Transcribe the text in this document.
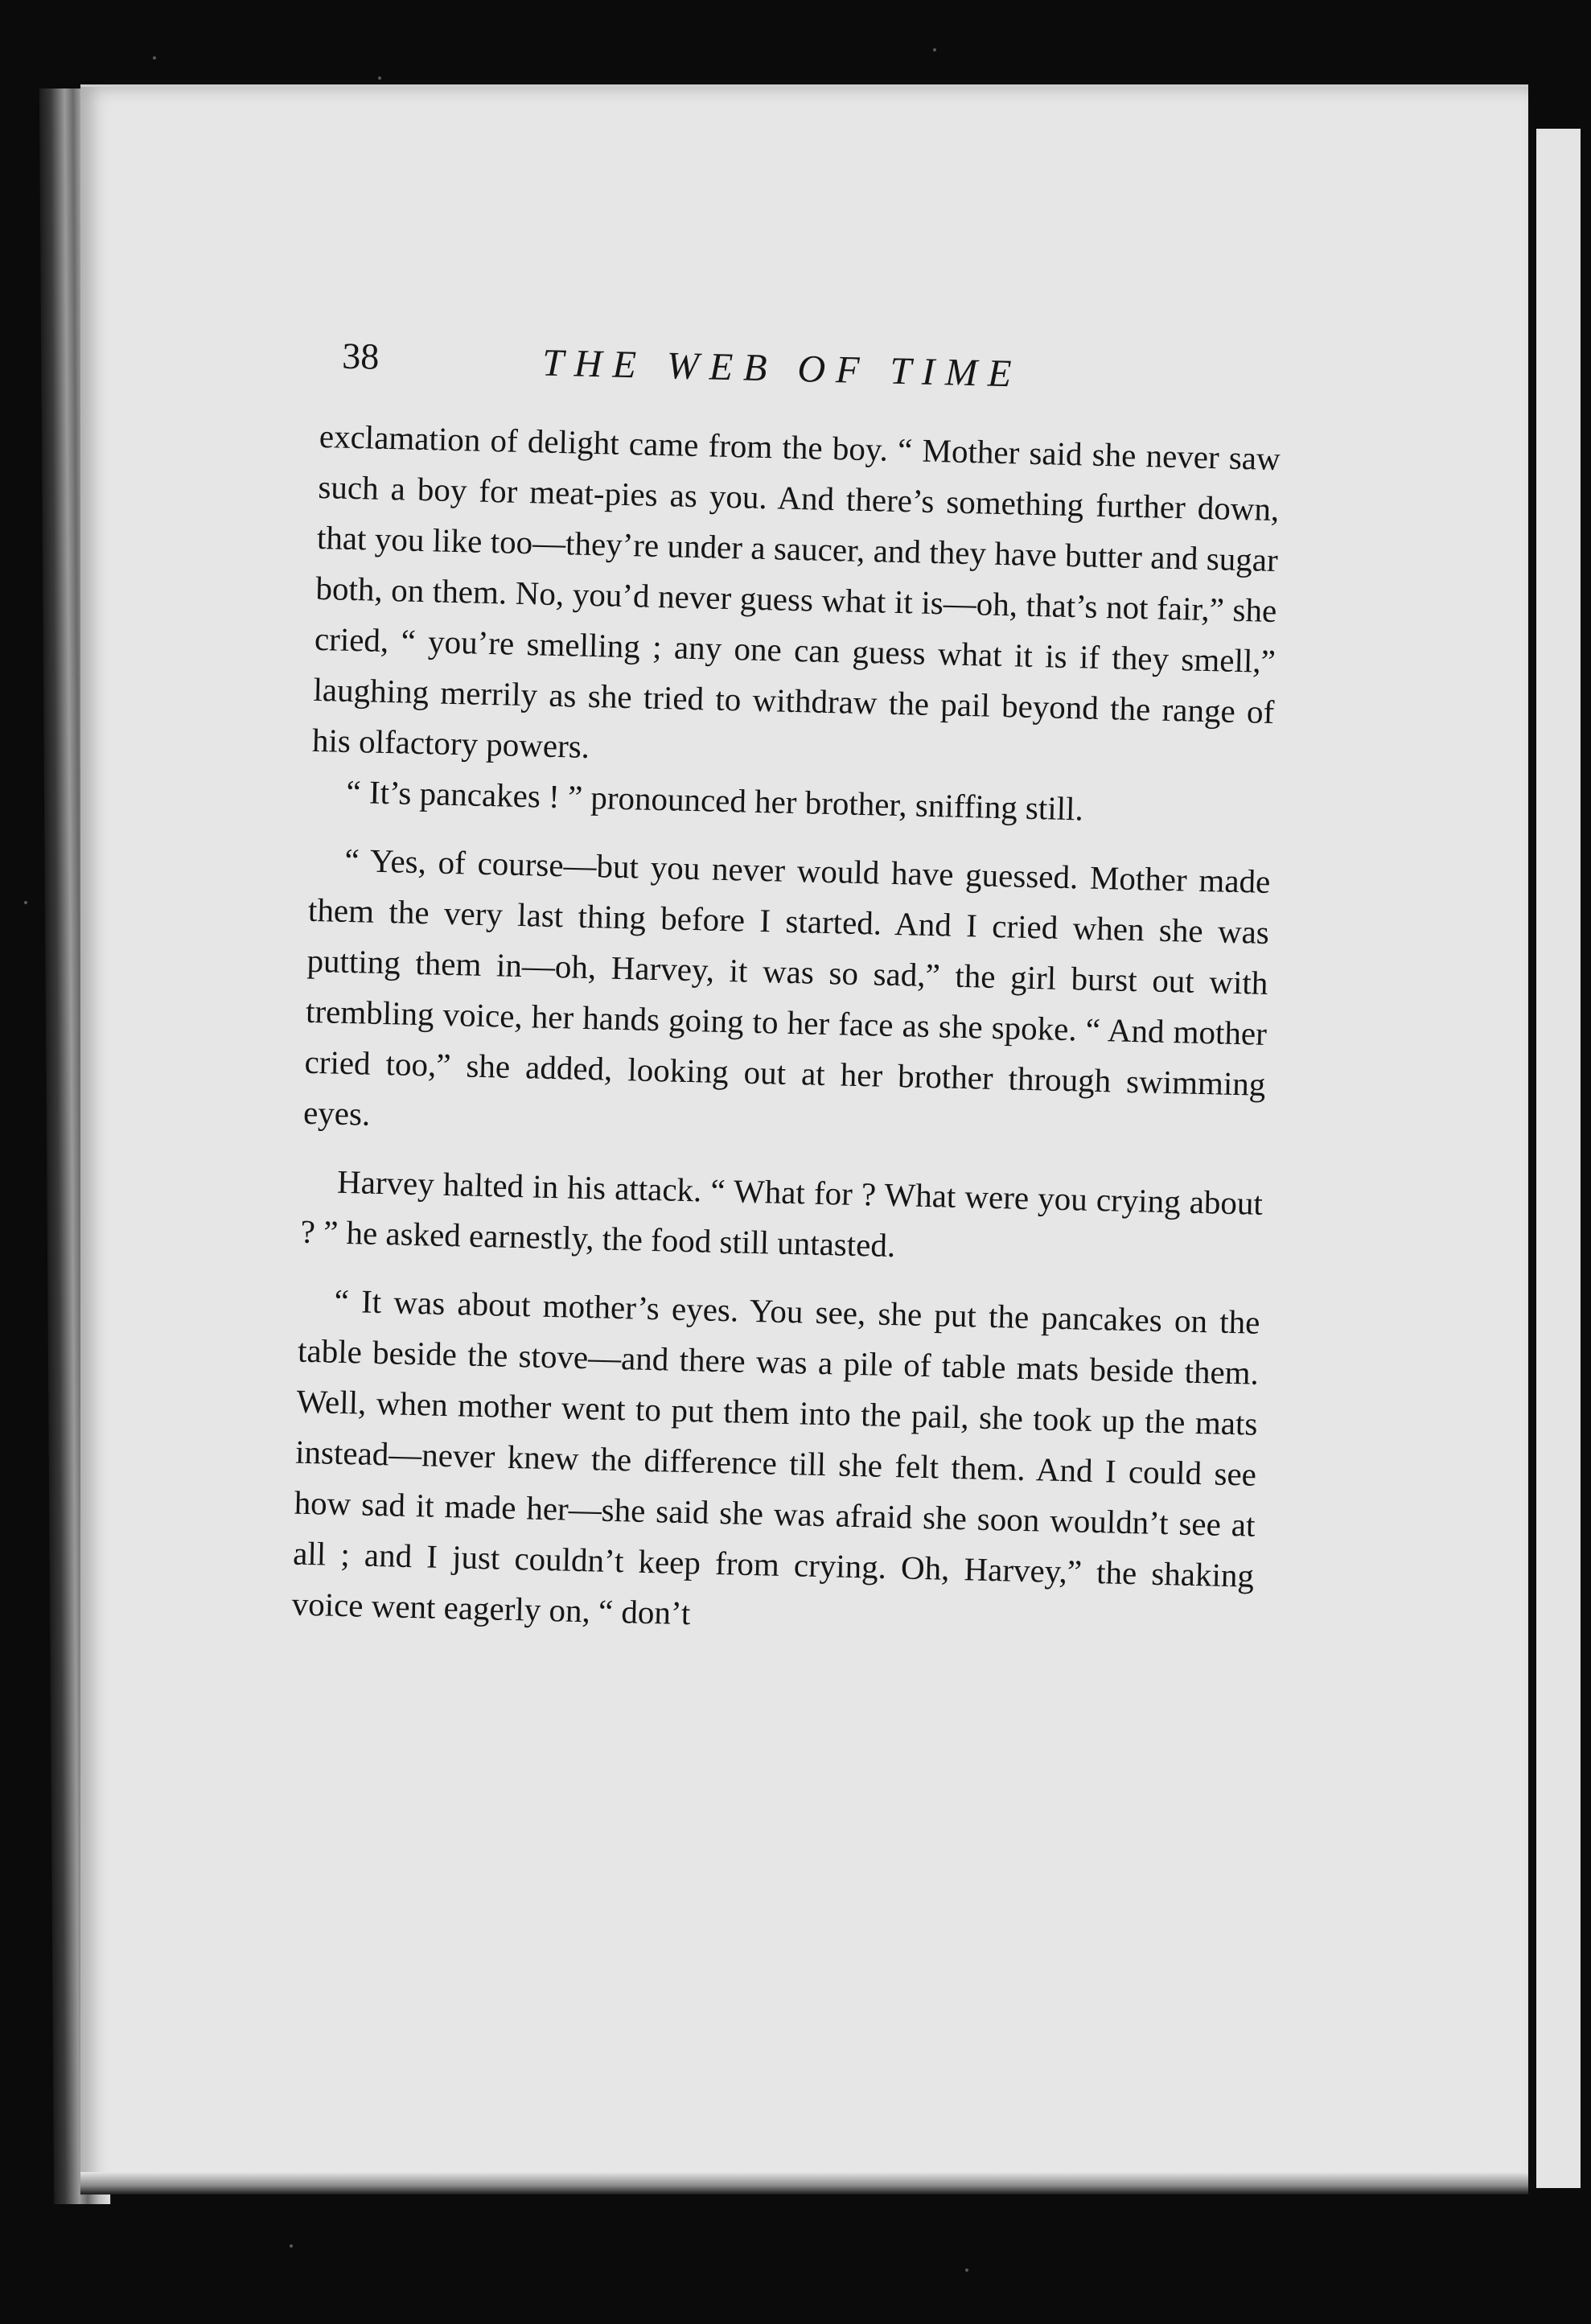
38	THE WEB OF TIME

exclamation of delight came from the boy. “ Mother said she never saw such a boy for meat-pies as you. And there’s something further down, that you like too—they’re under a saucer, and they have butter and sugar both, on them. No, you’d never guess what it is—oh, that’s not fair,” she cried, “ you’re smelling ; any one can guess what it is if they smell,” laughing merrily as she tried to withdraw the pail beyond the range of his olfactory powers.

“ It’s pancakes ! ” pronounced her brother, sniffing still.

“ Yes, of course—but you never would have guessed. Mother made them the very last thing before I started. And I cried when she was putting them in—oh, Harvey, it was so sad,” the girl burst out with trembling voice, her hands going to her face as she spoke. “ And mother cried too,” she added, looking out at her brother through swimming eyes.

Harvey halted in his attack. “ What for ? What were you crying about ? ” he asked earnestly, the food still untasted.

“ It was about mother’s eyes. You see, she put the pancakes on the table beside the stove—and there was a pile of table mats beside them. Well, when mother went to put them into the pail, she took up the mats instead—never knew the difference till she felt them. And I could see how sad it made her—she said she was afraid she soon wouldn’t see at all ; and I just couldn’t keep from crying. Oh, Harvey,” the shaking voice went eagerly on, “ don’t
